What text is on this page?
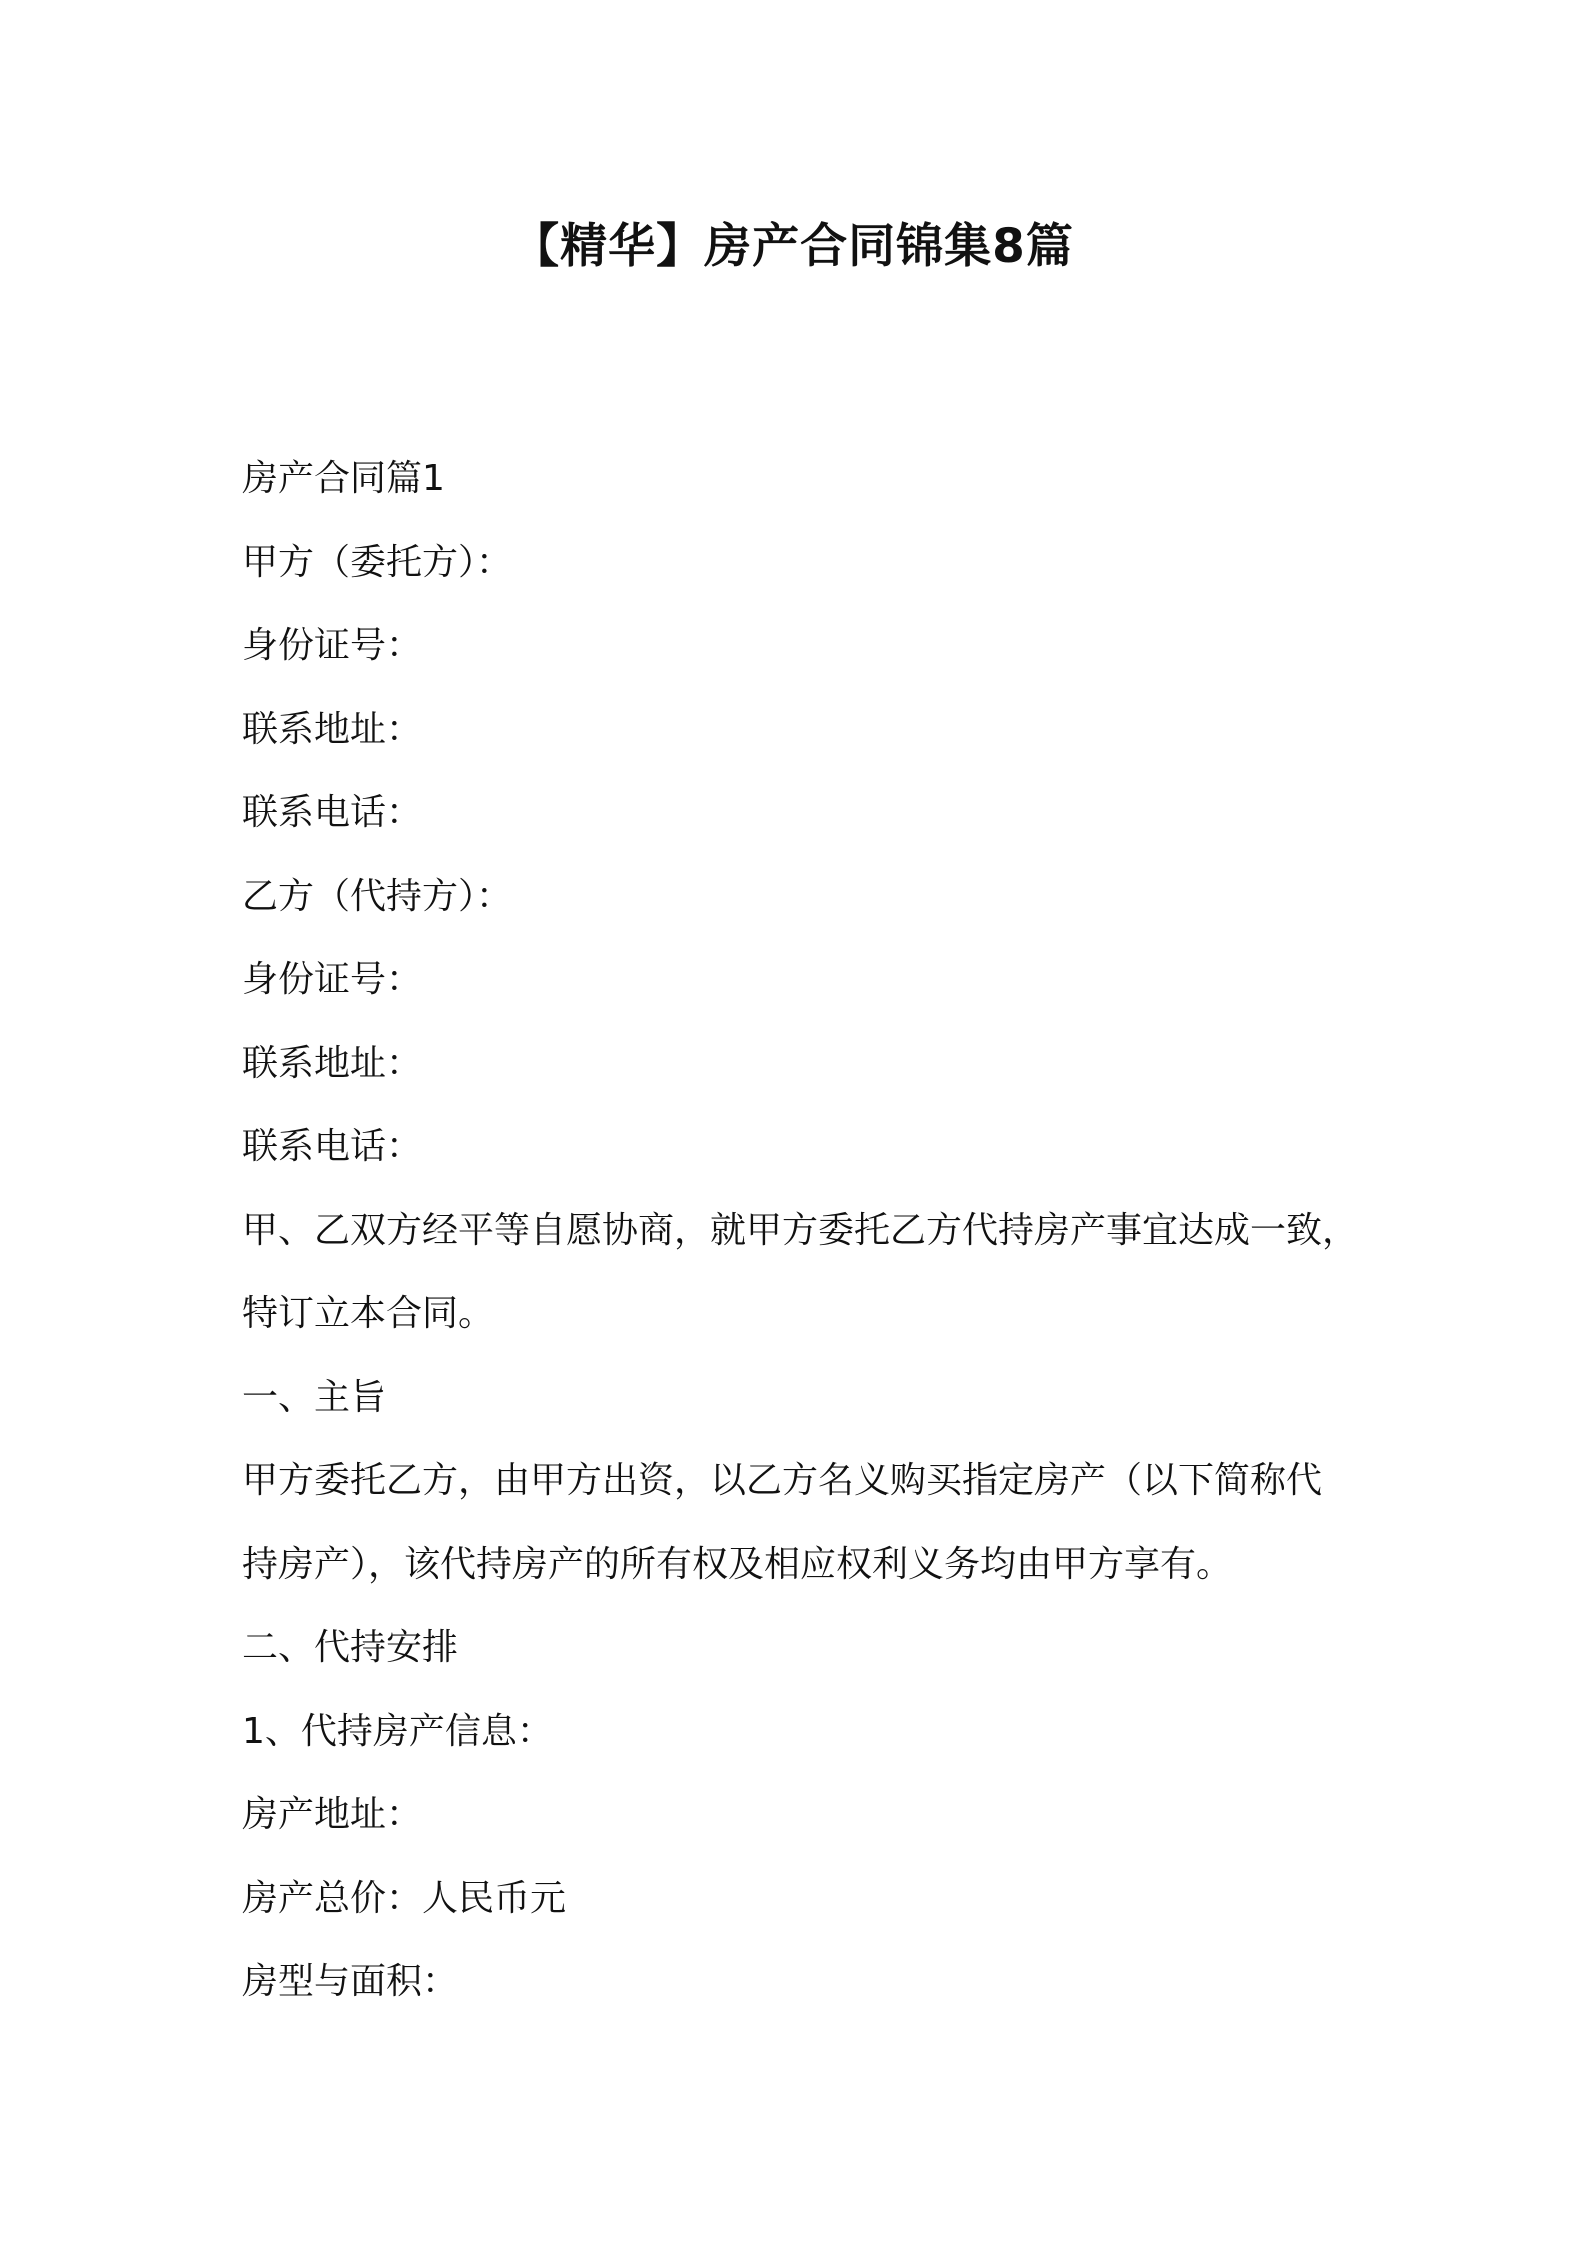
【精华】房产合同锦集8篇

房产合同篇1

甲方（委托方）：

身份证号：

联系地址：

联系电话：

乙方（代持方）：

身份证号：

联系地址：

联系电话：

甲、乙双方经平等自愿协商，就甲方委托乙方代持房产事宜达成一致，

特订立本合同。

一、主旨

甲方委托乙方，由甲方出资，以乙方名义购买指定房产（以下简称代

持房产），该代持房产的所有权及相应权利义务均由甲方享有。

二、代持安排

1、代持房产信息：

房产地址：

房产总价：人民币元

房型与面积：
